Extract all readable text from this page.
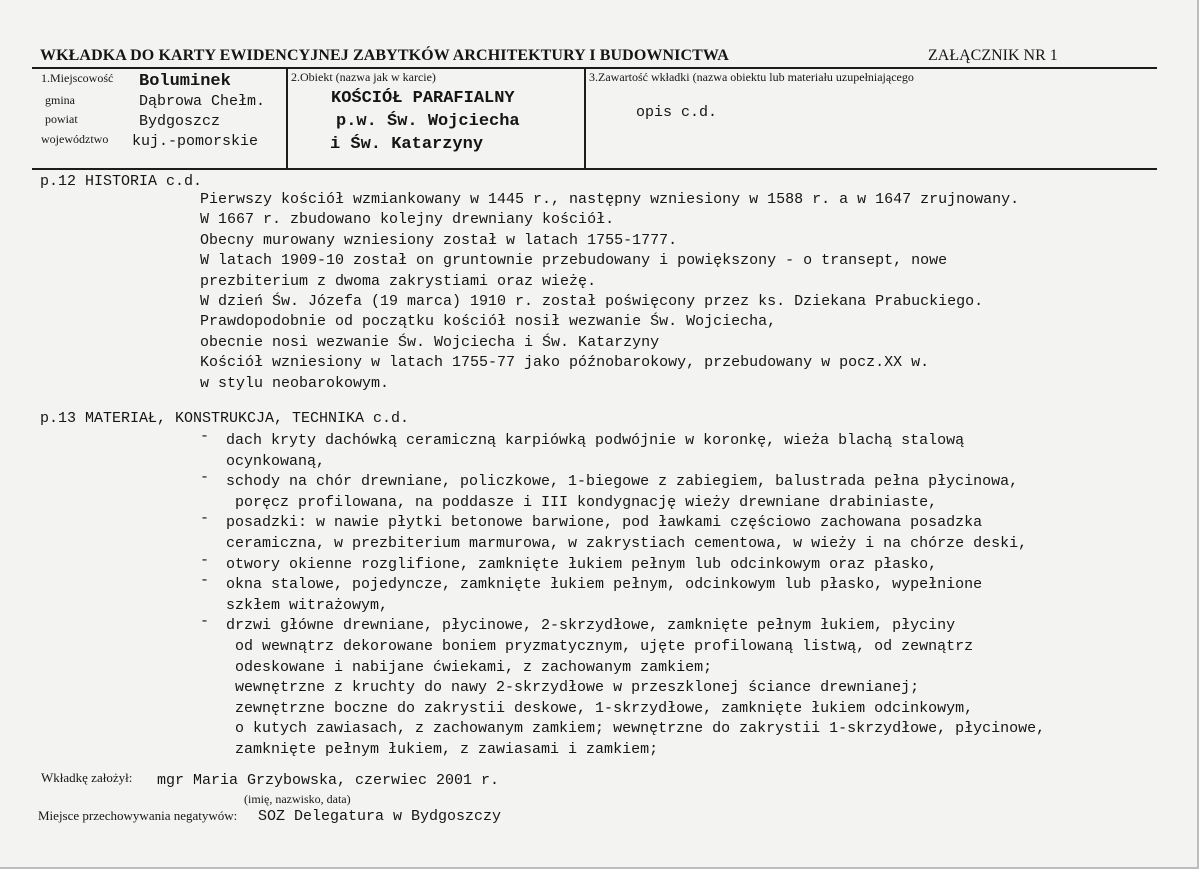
WKŁADKA DO KARTY EWIDENCYJNEJ ZABYTKÓW ARCHITEKTURY I BUDOWNICTWA	ZAŁĄCZNIK NR 1
1.Miejscowość Boluminek
gmina	Dąbrowa Chełm.
powiat	Bydgoszcz
województwo kuj.-pomorskie
2.Obiekt (nazwa jak w karcie)
KOŚCIÓŁ PARAFIALNY
p.w. Św. Wojciecha
i Św. Katarzyny
3.Zawartość wkładki (nazwa obiektu lub materiału uzupełniającego
opis c.d.
p.12 HISTORIA c.d.
Pierwszy kościół wzmiankowany w 1445 r., następny wzniesiony w 1588 r. a w 1647 zrujnowany.
W 1667 r. zbudowano kolejny drewniany kościół.
Obecny murowany wzniesiony został w latach 1755-1777.
W latach 1909-10 został on gruntownie przebudowany i powiększony - o transept, nowe
prezbiterium z dwoma zakrystiami oraz wieżę.
W dzień Św. Józefa (19 marca) 1910 r. został poświęcony przez ks. Dziekana Prabuckiego.
Prawdopodobnie od początku kościół nosił wezwanie Św. Wojciecha,
obecnie nosi wezwanie Św. Wojciecha i Św. Katarzyny
Kościół wzniesiony w latach 1755-77 jako późnobarokowy, przebudowany w pocz.XX w.
w stylu neobarokowym.
p.13 MATERIAŁ, KONSTRUKCJA, TECHNIKA c.d.
- dach kryty dachówką ceramiczną karpiówką podwójnie w koronkę, wieża blachą stalową
ocynkowaną,
- schody na chór drewniane, policzkowe, 1-biegowe z zabiegiem, balustrada pełna płycinowa,
poręcz profilowana, na poddasze i III kondygnację wieży drewniane drabiniaste,
- posadzki: w nawie płytki betonowe barwione, pod ławkami częściowo zachowana posadzka
ceramiczna, w prezbiterium marmurowa, w zakrystiach cementowa, w wieży i na chórze deski,
- otwory okienne rozglifione, zamknięte łukiem pełnym lub odcinkowym oraz płasko,
- okna stalowe, pojedyncze, zamknięte łukiem pełnym, odcinkowym lub płasko, wypełnione
szkłem witrażowym,
- drzwi główne drewniane, płycinowe, 2-skrzydłowe, zamknięte pełnym łukiem, płyciny
od wewnątrz dekorowane boniem pryzmatycznym, ujęte profilowaną listwą, od zewnątrz
odeskowane i nabijane ćwiekami, z zachowanym zamkiem;
wewnętrzne z kruchty do nawy 2-skrzydłowe w przeszklonej ściance drewnianej;
zewnętrzne boczne do zakrystii deskowe, 1-skrzydłowe, zamknięte łukiem odcinkowym,
o kutych zawiasach, z zachowanym zamkiem; wewnętrzne do zakrystii 1-skrzydłowe, płycinowe,
zamknięte pełnym łukiem, z zawiasami i zamkiem;
Wkładkę założył: mgr Maria Grzybowska, czerwiec 2001 r.
(imię, nazwisko, data)
Miejsce przechowywania negatywów: SOZ Delegatura w Bydgoszczy
